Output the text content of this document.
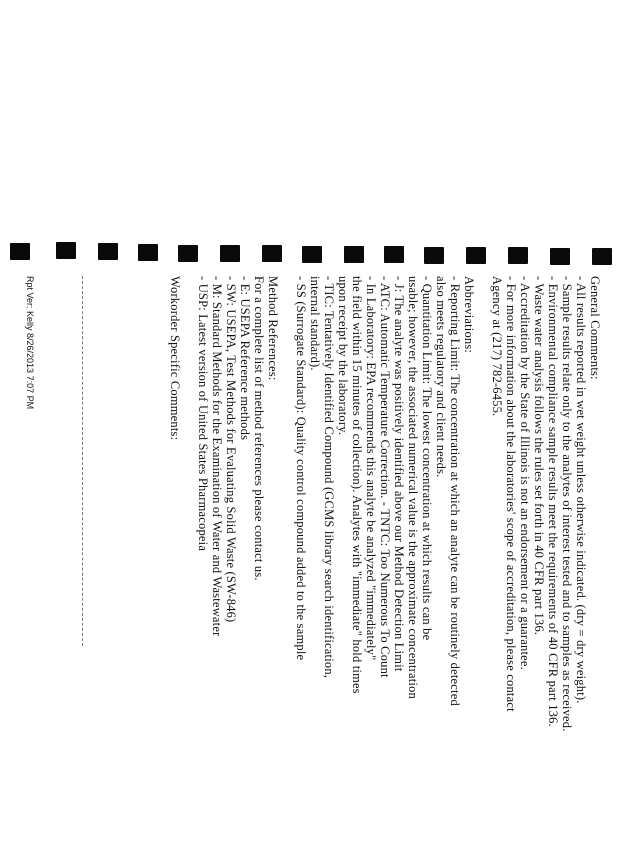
General Comments:
- All results reported in wet weight unless otherwise indicated. (dry = dry weight).
- Sample results relate only to the analytes of interest tested and to samples as received.
- Environmental compliance sample results meet the requirements of 40 CFR part 136.
- Waste water analysis follows the rules set forth in 40 CFR part 136.
- Accreditation by the State of Illinois is not an endorsement or a guarantee.
- For more information about the laboratories' scope of accreditation, please contact
Agency at (217) 782-6455.
Abbreviations:
- Reporting Limit: The concentration at which an analyte can be routinely detected
also meets regulatory and client needs.
- Quantitation Limit: The lowest concentration at which results can be
usable; however, the associated numerical value is the approximate concentration
- J: The analyte was positively identified above our Method Detection Limit
- ATC: Automatic Temperature Correction. - TNTC: Too Numerous To Count
- In Laboratory: EPA recommends this analyte be analyzed "immediately"
the field within 15 minutes of collection). Analytes with "immediate" hold times
upon receipt by the laboratory.
- TIC: Tentatively Identified Compound (GCMS library search identification,
internal standard).
- SS (Surrogate Standard): Quality control compound added to the sample
Method References:
For a complete list of method references please contact us.
- E: USEPA Reference methods
- SW: USEPA, Test Methods for Evaluating Solid Waste (SW-846)
- M: Standard Methods for the Examination of Water and Wastewater
- USP: Latest version of United States Pharmacopeia
Workorder Specific Comments:
Rpt Ver: Kelly 8/26/2013 7:07 PM
